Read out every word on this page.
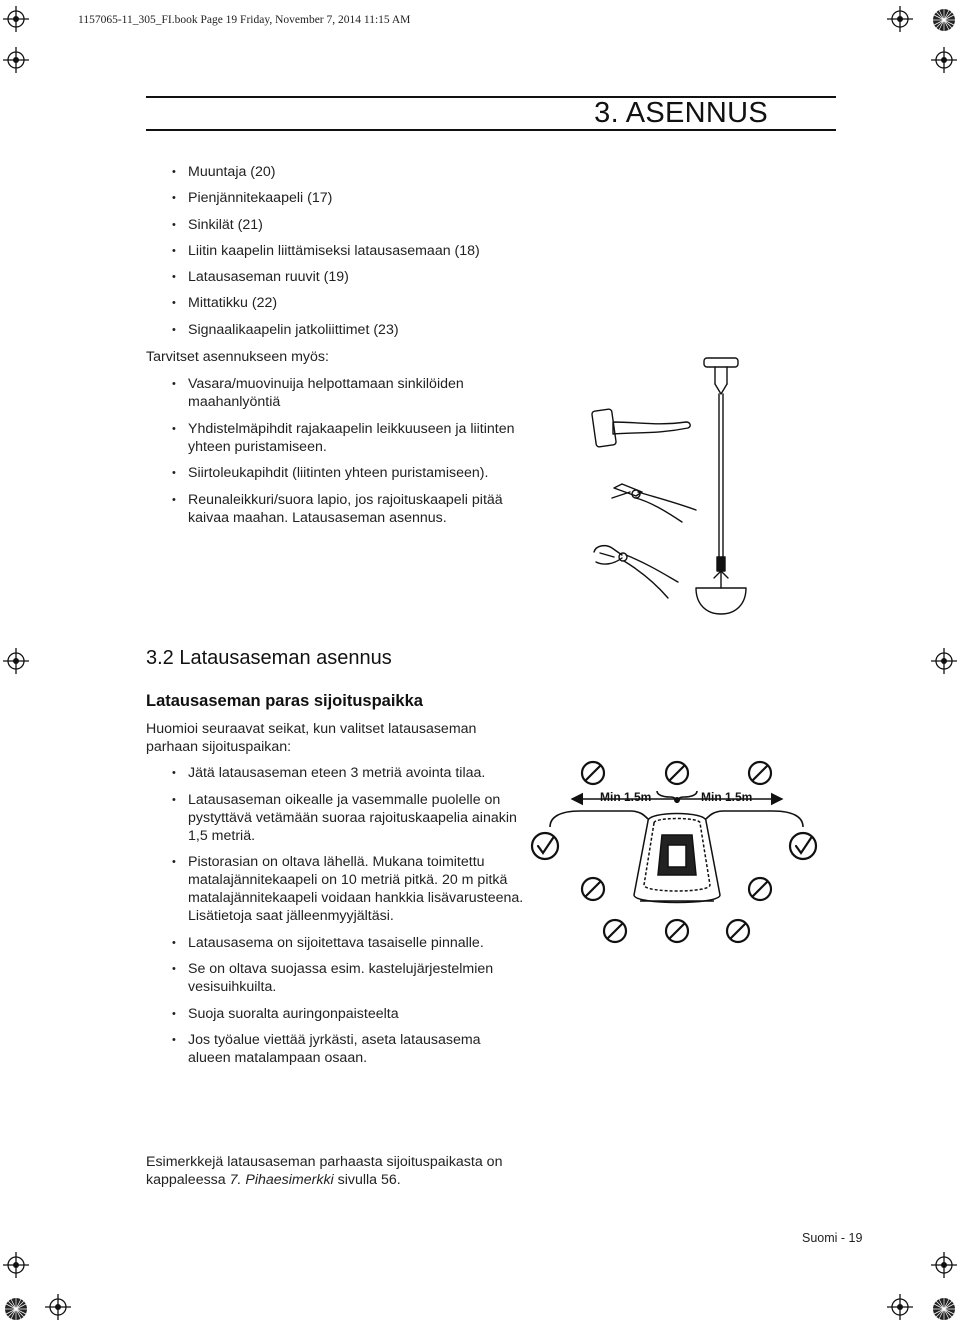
1157065-11_305_FI.book Page 19 Friday, November 7, 2014 11:15 AM
3. ASENNUS
• Muuntaja (20)
• Pienjännitekaapeli (17)
• Sinkilät (21)
• Liitin kaapelin liittämiseksi latausasemaan (18)
• Latausaseman ruuvit (19)
• Mittatikku (22)
• Signaalikaapelin jatkoliittimet (23)
Tarvitset asennukseen myös:
• Vasara/muovinuija helpottamaan sinkilöiden maahanlyöntiä
• Yhdistelmäpihdit rajakaapelin leikkuuseen ja liitinten yhteen puristamiseen.
• Siirtoleukapihdit (liitinten yhteen puristamiseen).
• Reunaleikkuri/suora lapio, jos rajoituskaapeli pitää kaivaa maahan. Latausaseman asennus.
3.2 Latausaseman asennus
Latausaseman paras sijoituspaikka
Huomioi seuraavat seikat, kun valitset latausaseman parhaan sijoituspaikan:
• Jätä latausaseman eteen 3 metriä avointa tilaa.
• Latausaseman oikealle ja vasemmalle puolelle on pystyttävä vetämään suoraa rajoituskaapelia ainakin 1,5 metriä.
• Pistorasian on oltava lähellä. Mukana toimitettu matalajännitekaapeli on 10 metriä pitkä. 20 m pitkä matalajännitekaapeli voidaan hankkia lisävarusteena. Lisätietoja saat jälleenmyyjältäsi.
• Latausasema on sijoitettava tasaiselle pinnalle.
• Se on oltava suojassa esim. kastelujärjestelmien vesisuihkuilta.
• Suoja suoralta auringonpaisteelta
• Jos työalue viettää jyrkästi, aseta latausasema alueen matalampaan osaan.
Min 1.5m	Min 1.5m
Esimerkkejä latausaseman parhaasta sijoituspaikasta on kappaleessa 7. Pihaesimerkki sivulla 56.
Suomi - 19
